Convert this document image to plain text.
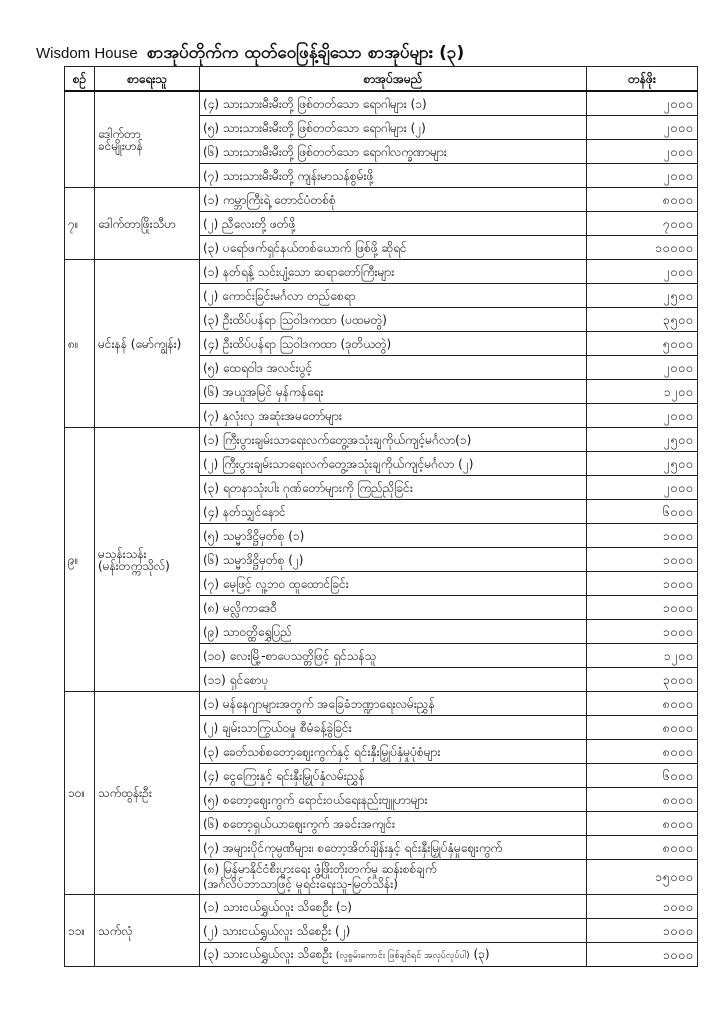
Wisdom House စာအုပ်တိုက်က ထုတ်ဝေဖြန့်ချိသော စာအုပ်များ (၃)
စဉ်	စာရေးသူ	စာအုပ်အမည်	တန်ဖိုး

	ဒေါက်တာ
ခင်မျိုးဟန်	(၄) သားသားမီးမီးတို့ ဖြစ်တတ်သော ရောဂါများ (၁)	၂၀၀၀
		(၅) သားသားမီးမီးတို့ ဖြစ်တတ်သော ရောဂါများ (၂)	၂၀၀၀
		(၆) သားသားမီးမီးတို့ ဖြစ်တတ်သော ရောဂါလက္ခဏာများ	၂၀၀၀
		(၇) သားသားမီးမီးတို့ ကျန်းမာသန်စွမ်းဖို့	၂၀၀၀
၇။	ဒေါက်တာဖြိုးသီဟ	(၁) ကမ္ဘာကြီးရဲ့ တောင်ပံတစ်စုံ	၈၀၀၀
		(၂) ညီလေးတို့ ဖတ်ဖို့	၇၀၀၀
		(၃) ပရော်ဖက်ရှင်နယ်တစ်ယောက် ဖြစ်ဖို့ ဆိုရင်	၁၀၀၀၀
၈။	မင်းနန် (မော်ကျွန်း)	(၁) နတ်ရန့် သင်းပျံ့သော ဆရာတော်ကြီးများ	၂၀၀၀
		(၂) ကောင်းခြင်းမင်္ဂလာ တည်စေရာ	၂၅၀၀
		(၃) ဦးထိပ်ပန်ရာ ဩဝါဒကထာ (ပထမတွဲ)	၃၅၀၀
		(၄) ဦးထိပ်ပန်ရာ ဩဝါဒကထာ (ဒုတိယတွဲ)	၅၀၀၀
		(၅) ထေရဝါဒ အလင်းပွင့်	၂၀၀၀
		(၆) အယူအမြင် မှန်ကန်ရေး	၁၂၀၀
		(၇) နှလုံးလှ အဆုံးအမတော်များ	၂၀၀၀
၉။	မသန်းသန်း
(မန်းတက္ကသိုလ်)	(၁) ကြီးပွားချမ်းသာရေးလက်တွေ့အသုံးချကိုယ်ကျင့်မင်္ဂလာ(၁)	၂၅၀၀
		(၂) ကြီးပွားချမ်းသာရေးလက်တွေ့အသုံးချကိုယ်ကျင့်မင်္ဂလာ (၂)	၂၅၀၀
		(၃) ရတနာသုံးပါး ဂုဏ်တော်များကို ကြည်ညိုခြင်း	၂၀၀၀
		(၄) နတ်သျှင်နောင်	၆၀၀၀
		(၅) သမ္မာဒိဋ္ဌိမှတ်စု (၁)	၁၀၀၀
		(၆) သမ္မာဒိဋ္ဌိမှတ်စု (၂)	၁၀၀၀
		(၇) မေ့ဖြင့် လူ့ဘဝ ထူထောင်ခြင်း	၁၀၀၀
		(၈) မလ္လိကာဒေဝီ	၁၀၀၀
		(၉) သာဝတ္ထိရွှေပြည်	၁၀၀၀
		(၁၀) လေးမြို့-စာပေသတ္တိဖြင့် ရှင်သန်သူ	၁၂၀၀
		(၁၁) ရှင်စောပု	၃၀၀၀
၁၀။	သက်ထွန်းဦး	(၁) မန်နေဂျာများအတွက် အခြေခံဘဏ္ဍာရေးလမ်းညွှန်	၈၀၀၀
		(၂) ချမ်းသာကြွယ်ဝမှု စီမံခန့်ခွဲခြင်း	၈၀၀၀
		(၃) ခေတ်သစ်စတော့ဈေးကွက်နှင့် ရင်းနှီးမြှုပ်နှံမှုပုံစံများ	၈၀၀၀
		(၄) ငွေကြေးနှင့် ရင်းနှီးမြှုပ်နှံလမ်းညွှန်	၆၀၀၀
		(၅) စတော့ဈေးကွက် ရောင်းဝယ်ရေးနည်းဗျူဟာများ	၈၀၀၀
		(၆) စတော့ရှယ်ယာဈေးကွက် အခင်းအကျင်း	၈၀၀၀
		(၇) အများပိုင်ကုမ္ပဏီများ၊ စတော့အိတ်ချိန်းနှင့် ရင်းနှီးမြှုပ်နှံမှုဈေးကွက်	၈၀၀၀

		(၈) မြန်မာနိုင်ငံစီးပွားရေး ဖွံ့ဖြိုးတိုးတက်မှု ဆန်းစစ်ချက်
(အင်္ဂလိပ်ဘာသာဖြင့် မူရင်းရေးသူ-မြတ်သိန်း)	၁၅၀၀၀
၁၁။	သက်လုံ	(၁) သားငယ်ရွှယ်လူး သိစေဦး (၁)	၁၀၀၀
		(၂) သားငယ်ရွှယ်လူး သိစေဦး (၂)	၁၀၀၀
		(၃) သားငယ်ရွှယ်လူး သိစေဦး (လူစွမ်းကောင်း ဖြစ်ချင်ရင် အလုပ်လုပ်ပါ) (၃)	၁၀၀၀
